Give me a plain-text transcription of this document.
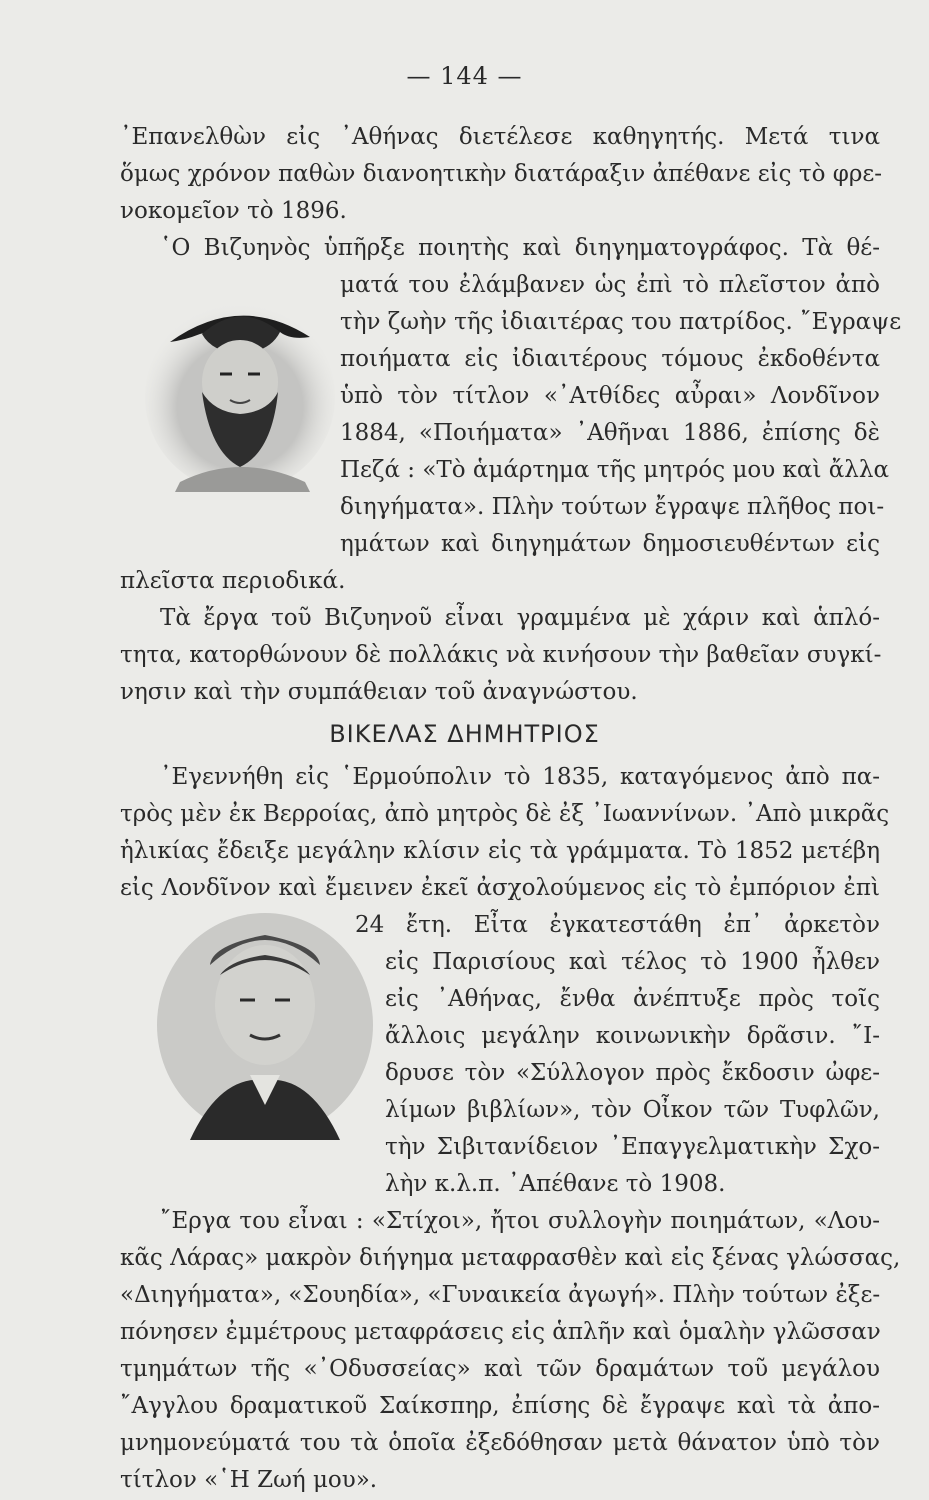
— 144 —
᾿Επανελθὼν εἰς ᾿Αθήνας διετέλεσε καθηγητής. Μετά τινα
ὅμως χρόνον παθὼν διανοητικὴν διατάραξιν ἀπέθανε εἰς τὸ φρε-
νοκομεῖον τὸ 1896.
῾Ο Βιζυηνὸς ὑπῆρξε ποιητὴς καὶ διηγηματογράφος. Τὰ θέ-
ματά του ἐλάμβανεν ὡς ἐπὶ τὸ πλεῖστον ἀπὸ
τὴν ζωὴν τῆς ἰδιαιτέρας του πατρίδος. ῎Εγραψε
ποιήματα εἰς ἰδιαιτέρους τόμους ἐκδοθέντα
ὑπὸ τὸν τίτλον «᾿Ατθίδες αὖραι» Λονδῖνον
1884, «Ποιήματα» ᾿Αθῆναι 1886, ἐπίσης δὲ
Πεζά : «Τὸ ἁμάρτημα τῆς μητρός μου καὶ ἄλλα
διηγήματα». Πλὴν τούτων ἔγραψε πλῆθος ποι-
ημάτων καὶ διηγημάτων δημοσιευθέντων εἰς
πλεῖστα περιοδικά.
Τὰ ἔργα τοῦ Βιζυηνοῦ εἶναι γραμμένα μὲ χάριν καὶ ἁπλό-
τητα, κατορθώνουν δὲ πολλάκις νὰ κινήσουν τὴν βαθεῖαν συγκί-
νησιν καὶ τὴν συμπάθειαν τοῦ ἀναγνώστου.
ΒΙΚΕΛΑΣ ΔΗΜΗΤΡΙΟΣ
᾿Εγεννήθη εἰς ῾Ερμούπολιν τὸ 1835, καταγόμενος ἀπὸ πα-
τρὸς μὲν ἐκ Βερροίας, ἀπὸ μητρὸς δὲ ἐξ ᾿Ιωαννίνων. ᾿Απὸ μικρᾶς
ἡλικίας ἔδειξε μεγάλην κλίσιν εἰς τὰ γράμματα. Τὸ 1852 μετέβη
εἰς Λονδῖνον καὶ ἔμεινεν ἐκεῖ ἀσχολούμενος εἰς τὸ ἐμπόριον ἐπὶ
24 ἔτη. Εἶτα ἐγκατεστάθη ἐπ᾿ ἀρκετὸν
εἰς Παρισίους καὶ τέλος τὸ 1900 ἦλθεν
εἰς ᾿Αθήνας, ἔνθα ἀνέπτυξε πρὸς τοῖς
ἄλλοις μεγάλην κοινωνικὴν δρᾶσιν. ῎Ι-
δρυσε τὸν «Σύλλογον πρὸς ἔκδοσιν ὠφε-
λίμων βιβλίων», τὸν Οἶκον τῶν Τυφλῶν,
τὴν Σιβιτανίδειον ᾿Επαγγελματικὴν Σχο-
λὴν κ.λ.π. ᾿Απέθανε τὸ 1908.
῎Εργα του εἶναι : «Στίχοι», ἤτοι συλλογὴν ποιημάτων, «Λου-
κᾶς Λάρας» μακρὸν διήγημα μεταφρασθὲν καὶ εἰς ξένας γλώσσας,
«Διηγήματα», «Σουηδία», «Γυναικεία ἀγωγή». Πλὴν τούτων ἐξε-
πόνησεν ἐμμέτρους μεταφράσεις εἰς ἁπλῆν καὶ ὁμαλὴν γλῶσσαν
τμημάτων τῆς «᾿Οδυσσείας» καὶ τῶν δραμάτων τοῦ μεγάλου
῎Αγγλου δραματικοῦ Σαίκσπηρ, ἐπίσης δὲ ἔγραψε καὶ τὰ ἀπο-
μνημονεύματά του τὰ ὁποῖα ἐξεδόθησαν μετὰ θάνατον ὑπὸ τὸν
τίτλον «῾Η Ζωή μου».
